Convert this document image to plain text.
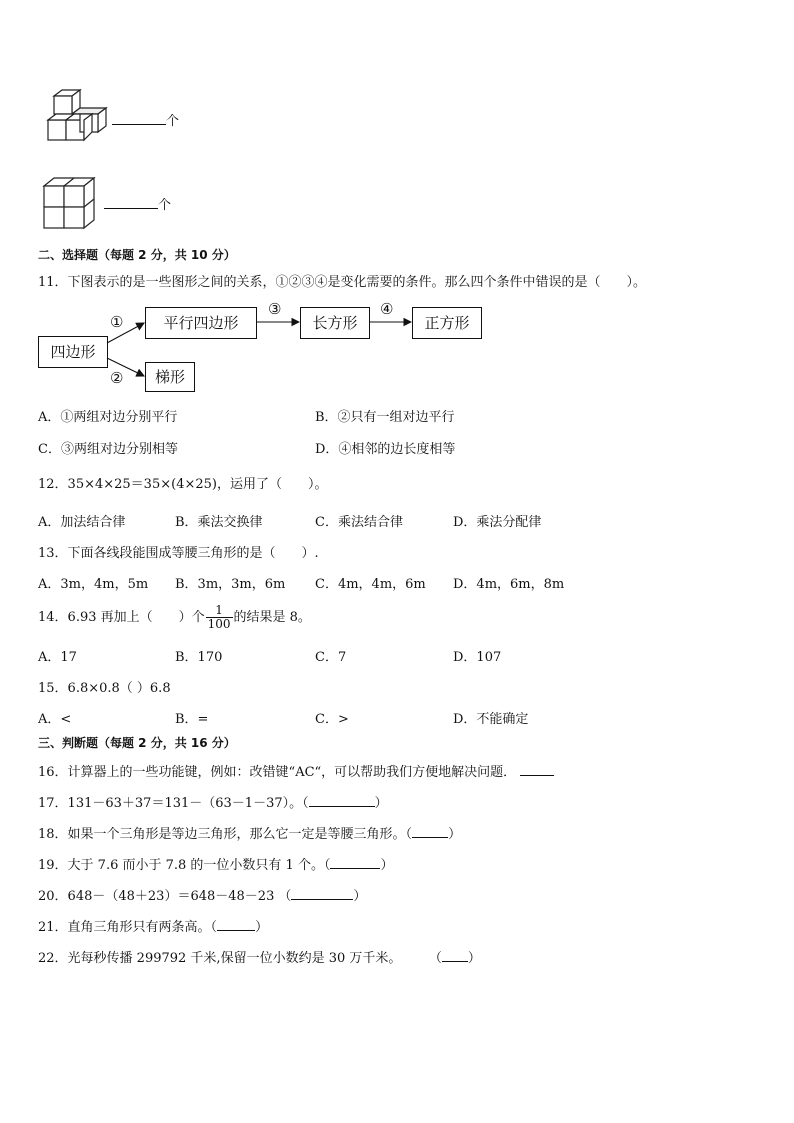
个
个
二、选择题（每题 2 分，共 10 分）
11．下图表示的是一些图形之间的关系，①②③④是变化需要的条件。那么四个条件中错误的是（　　）。
四边形
平行四边形	长方形	正方形
梯形
①
②
③	④
A．①两组对边分别平行	B．②只有一组对边平行
C．③两组对边分别相等	D．④相邻的边长度相等
12．35×4×25＝35×(4×25)，运用了（　　）。
A．加法结合律	B．乘法交换律	C．乘法结合律	D．乘法分配律
13．下面各线段能围成等腰三角形的是（　　）.
A．3m，4m，5m B．3m，3m，6m C．4m，4m，6m D．4m，6m，8m
14．6.93 再加上（　　）个 $\frac{1}{100}$ 的结果是 8。
A．17	B．170	C．7	D．107
15．6.8×0.8（ ）6.8
A．<	B．=	C．>	D．不能确定
三、判断题（每题 2 分，共 16 分）
16．计算器上的一些功能键，例如：改错键“AC“，可以帮助我们方便地解决问题．
17．131－63＋37＝131－（63－1－37）。（	）
18．如果一个三角形是等边三角形，那么它一定是等腰三角形。（	）
19．大于 7.6 而小于 7.8 的一位小数只有 1 个。（	）
20．648－（48＋23）＝648－48－23 （	）
21．直角三角形只有两条高。（	）
22．光每秒传播 299792 千米,保留一位小数约是 30 万千米。	（ ）
